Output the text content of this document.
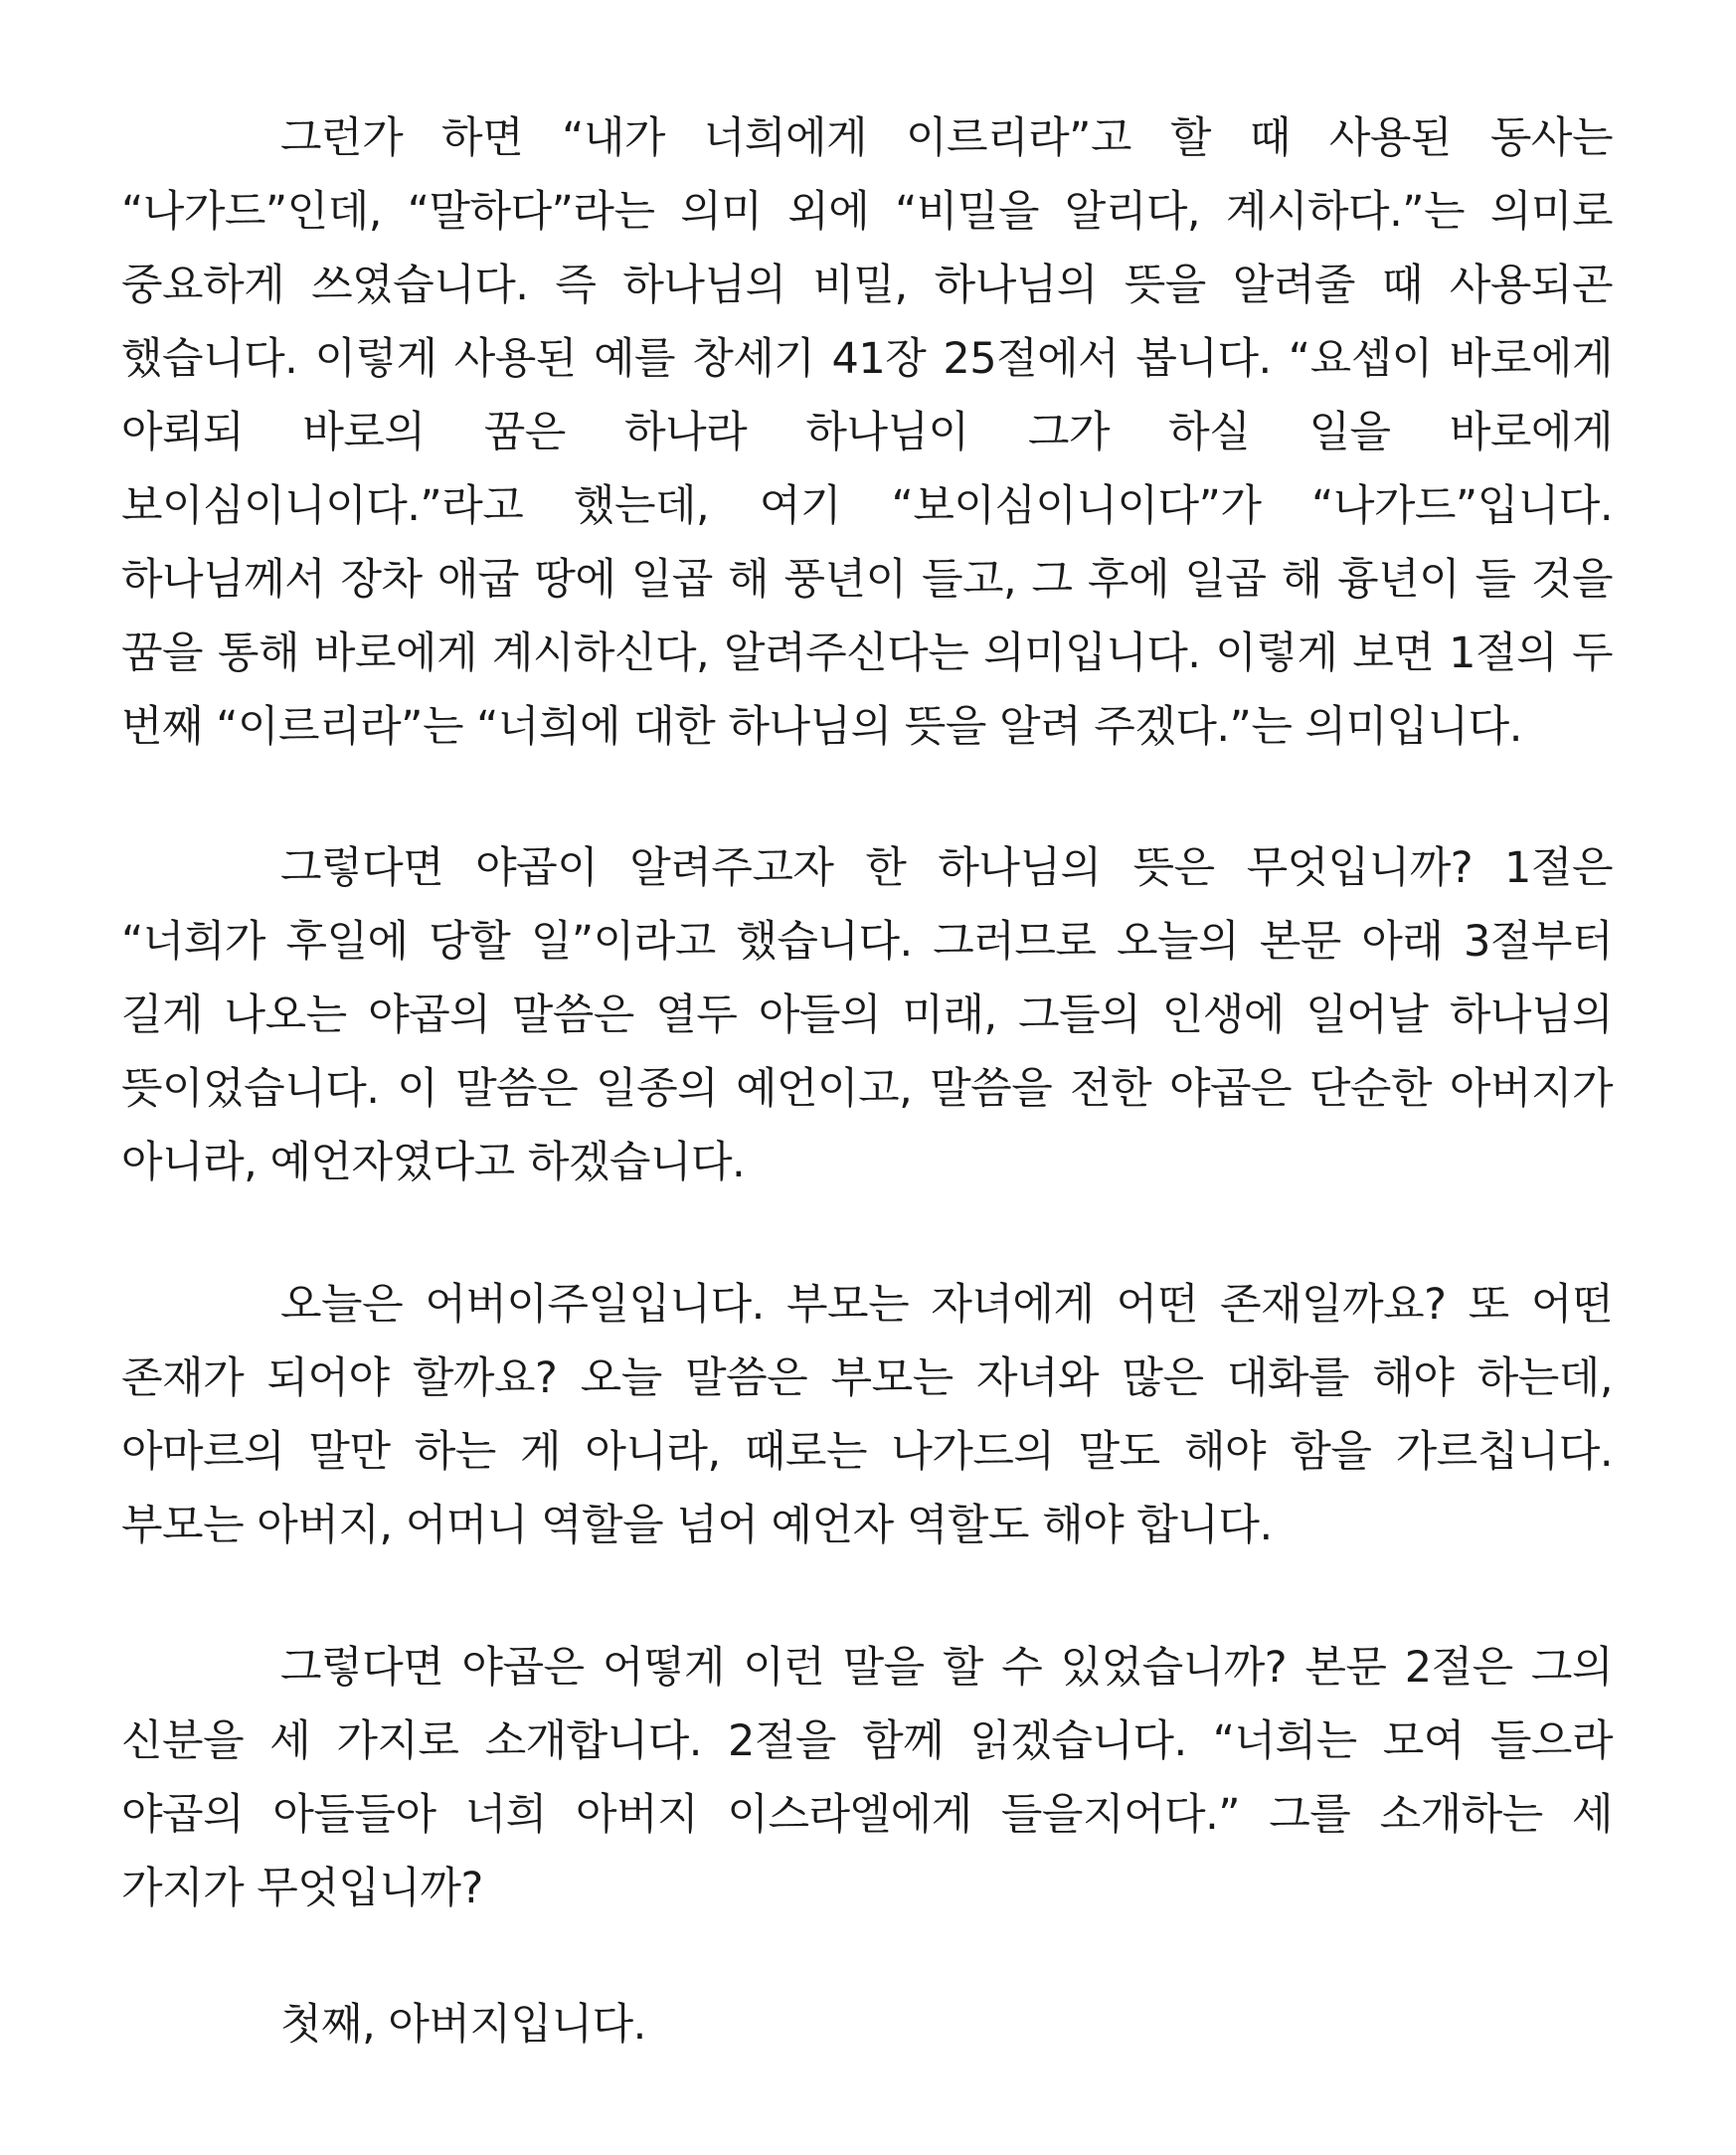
그런가 하면 “내가 너희에게 이르리라”고 할 때 사용된 동사는 “나가드”인데, “말하다”라는 의미 외에 “비밀을 알리다, 계시하다.”는 의미로 중요하게 쓰였습니다. 즉 하나님의 비밀, 하나님의 뜻을 알려줄 때 사용되곤 했습니다. 이렇게 사용된 예를 창세기 41장 25절에서 봅니다. “요셉이 바로에게 아뢰되 바로의 꿈은 하나라 하나님이 그가 하실 일을 바로에게 보이심이니이다.”라고 했는데, 여기 “보이심이니이다”가 “나가드”입니다. 하나님께서 장차 애굽 땅에 일곱 해 풍년이 들고, 그 후에 일곱 해 흉년이 들 것을 꿈을 통해 바로에게 계시하신다, 알려주신다는 의미입니다. 이렇게 보면 1절의 두 번째 “이르리라”는 “너희에 대한 하나님의 뜻을 알려 주겠다.”는 의미입니다.

그렇다면 야곱이 알려주고자 한 하나님의 뜻은 무엇입니까? 1절은 “너희가 후일에 당할 일”이라고 했습니다. 그러므로 오늘의 본문 아래 3절부터 길게 나오는 야곱의 말씀은 열두 아들의 미래, 그들의 인생에 일어날 하나님의 뜻이었습니다. 이 말씀은 일종의 예언이고, 말씀을 전한 야곱은 단순한 아버지가 아니라, 예언자였다고 하겠습니다.

오늘은 어버이주일입니다. 부모는 자녀에게 어떤 존재일까요? 또 어떤 존재가 되어야 할까요? 오늘 말씀은 부모는 자녀와 많은 대화를 해야 하는데, 아마르의 말만 하는 게 아니라, 때로는 나가드의 말도 해야 함을 가르칩니다. 부모는 아버지, 어머니 역할을 넘어 예언자 역할도 해야 합니다.

그렇다면 야곱은 어떻게 이런 말을 할 수 있었습니까? 본문 2절은 그의 신분을 세 가지로 소개합니다. 2절을 함께 읽겠습니다. “너희는 모여 들으라 야곱의 아들들아 너희 아버지 이스라엘에게 들을지어다.” 그를 소개하는 세 가지가 무엇입니까?

첫째, 아버지입니다.
